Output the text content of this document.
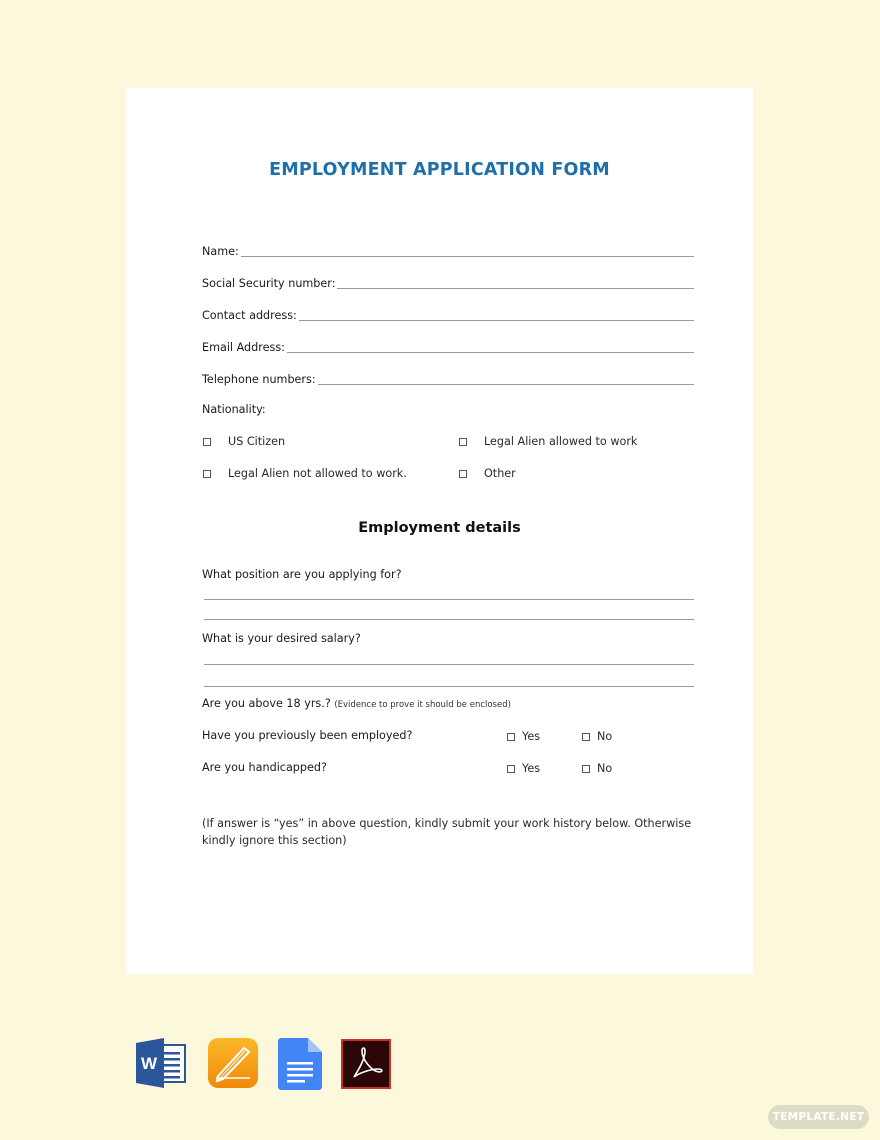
EMPLOYMENT APPLICATION FORM
Name:
Social Security number:
Contact address:
Email Address:
Telephone numbers:
Nationality:
US Citizen	Legal Alien allowed to work
Legal Alien not allowed to work.	Other
Employment details
What position are you applying for?
What is your desired salary?
Are you above 18 yrs.? (Evidence to prove it should be enclosed)
Have you previously been employed?	Yes	No
Are you handicapped?	Yes	No
(If answer is “yes” in above question, kindly submit your work history below. Otherwise kindly ignore this section)
W
TEMPLATE.NET
